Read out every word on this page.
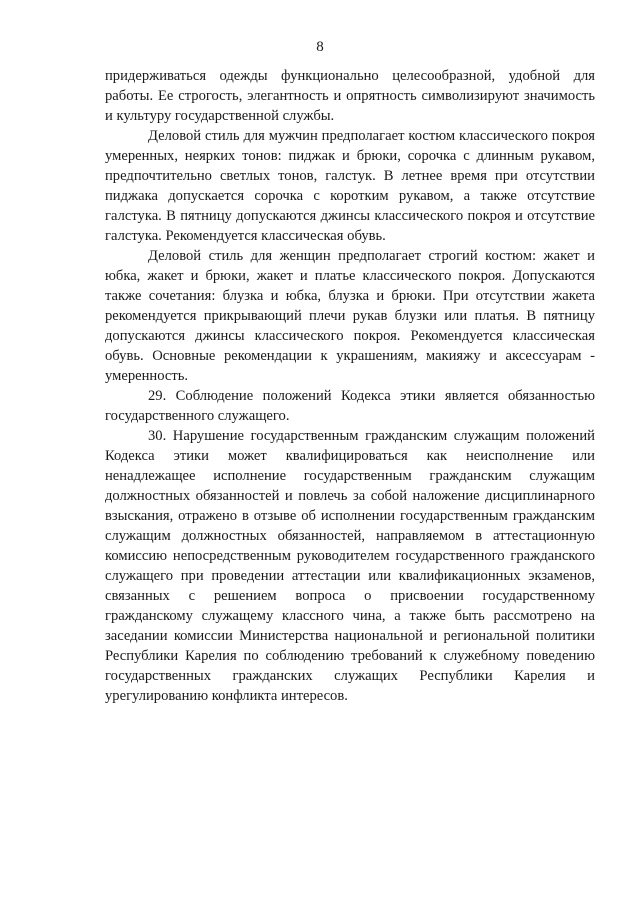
8
придерживаться одежды функционально целесообразной, удобной для
работы. Ее строгость, элегантность и опрятность символизируют значимость
и культуру государственной службы.
Деловой стиль для мужчин предполагает костюм классического покроя
умеренных, неярких тонов: пиджак и брюки, сорочка с длинным рукавом,
предпочтительно светлых тонов, галстук. В летнее время при отсутствии
пиджака допускается сорочка с коротким рукавом, а также отсутствие
галстука. В пятницу допускаются джинсы классического покроя и отсутствие
галстука. Рекомендуется классическая обувь.
Деловой стиль для женщин предполагает строгий костюм: жакет и
юбка, жакет и брюки, жакет и платье классического покроя. Допускаются
также сочетания: блузка и юбка, блузка и брюки. При отсутствии жакета
рекомендуется прикрывающий плечи рукав блузки или платья. В пятницу
допускаются джинсы классического покроя. Рекомендуется классическая
обувь. Основные рекомендации к украшениям, макияжу и аксессуарам -
умеренность.
29. Соблюдение положений Кодекса этики является обязанностью
государственного служащего.
30. Нарушение государственным гражданским служащим положений
Кодекса этики может квалифицироваться как неисполнение или
ненадлежащее исполнение государственным гражданским служащим
должностных обязанностей и повлечь за собой наложение дисциплинарного
взыскания, отражено в отзыве об исполнении государственным гражданским
служащим должностных обязанностей, направляемом в аттестационную
комиссию непосредственным руководителем государственного гражданского
служащего при проведении аттестации или квалификационных экзаменов,
связанных с решением вопроса о присвоении государственному
гражданскому служащему классного чина, а также быть рассмотрено на
заседании комиссии Министерства национальной и региональной политики
Республики Карелия по соблюдению требований к служебному поведению
государственных гражданских служащих Республики Карелия и
урегулированию конфликта интересов.
